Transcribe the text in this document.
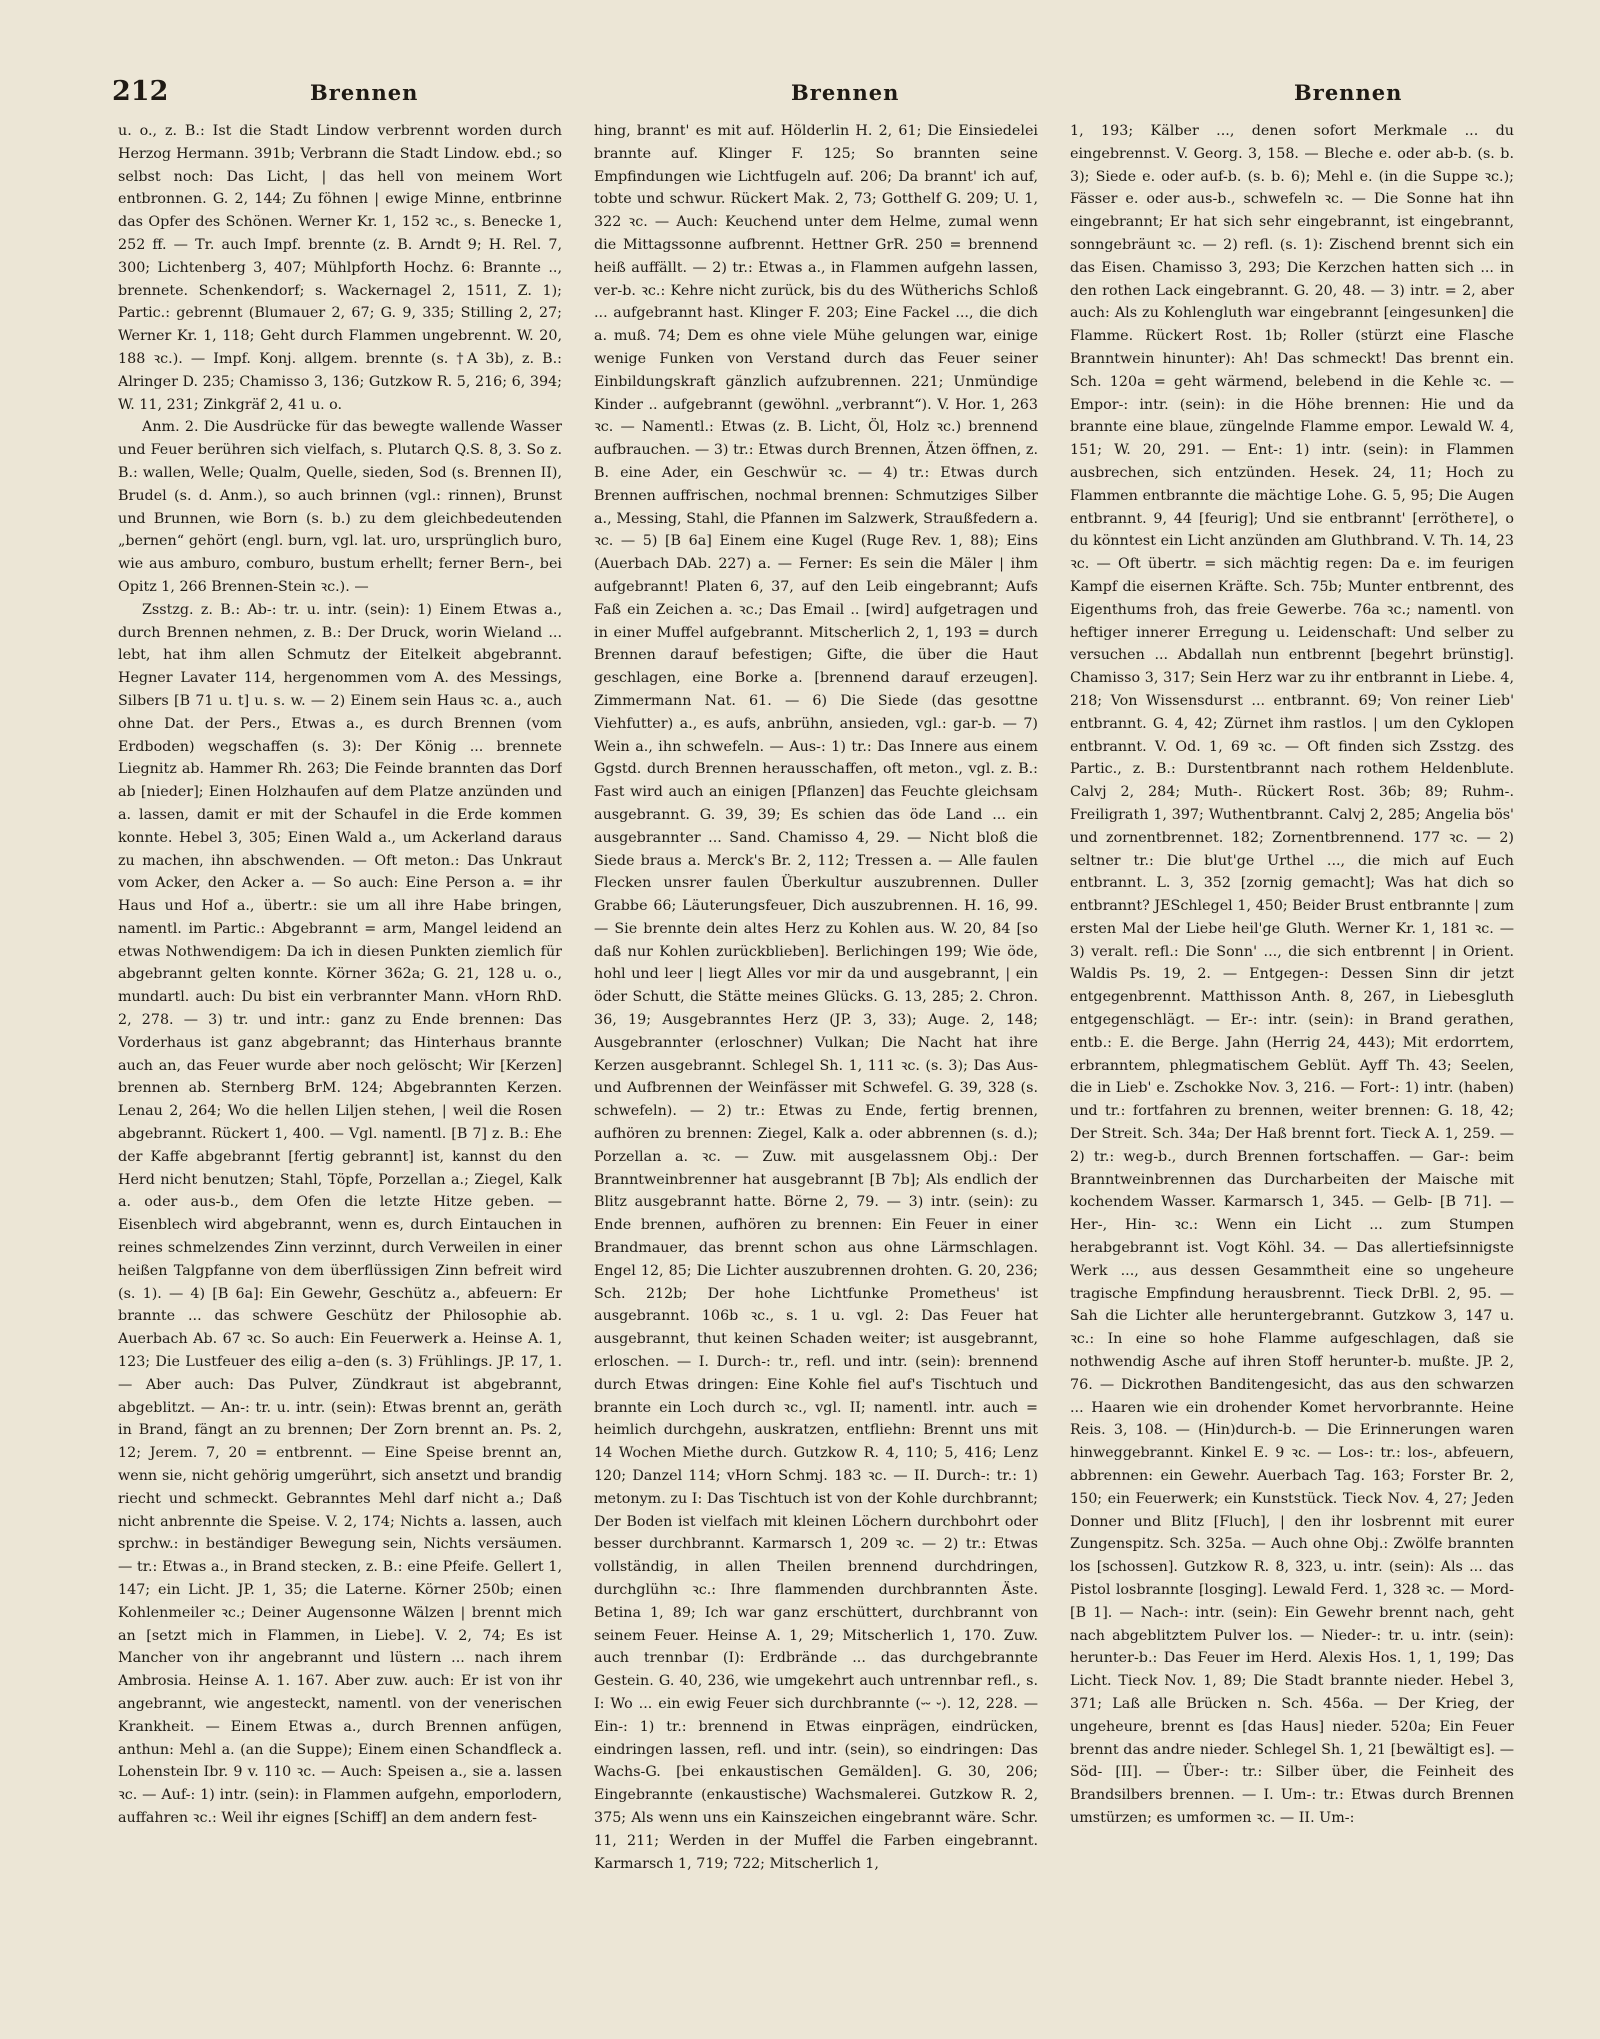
212	Brennen	Brennen	Brennen

u. o., z. B.: Ist die Stadt Lindow verbrennt worden durch Herzog Hermann. 391b; Verbrann die Stadt Lindow. ebd.; so selbst noch: Das Licht, | das hell von meinem Wort entbronnen. G. 2, 144; Zu föhnen | ewige Minne, entbrinne das Opfer des Schönen. Werner Kr. 1, 152 ꝛc., s. Benecke 1, 252 ff. — Tr. auch Impf. brennte (z. B. Arndt 9; H. Rel. 7, 300; Lichtenberg 3, 407; Mühlpforth Hochz. 6: Brannte .., brennete. Schenkendorf; s. Wackernagel 2, 1511, Z. 1); Partic.: gebrennt (Blumauer 2, 67; G. 9, 335; Stilling 2, 27; Werner Kr. 1, 118; Geht durch Flammen ungebrennt. W. 20, 188 ꝛc.). — Impf. Konj. allgem. brennte (s. †A 3b), z. B.: Alringer D. 235; Chamisso 3, 136; Gutzkow R. 5, 216; 6, 394; W. 11, 231; Zinkgräf 2, 41 u. o.

Anm. 2. Die Ausdrücke für das bewegte wallende Wasser und Feuer berühren sich vielfach, s. Plutarch Q.S. 8, 3. So z. B.: wallen, Welle; Qualm, Quelle, sieden, Sod (s. Brennen II), Brudel (s. d. Anm.), so auch brinnen (vgl.: rinnen), Brunst und Brunnen, wie Born (s. b.) zu dem gleichbedeutenden „bernen“ gehört (engl. burn, vgl. lat. uro, ursprünglich buro, wie aus amburo, comburo, bustum erhellt; ferner Bern-, bei Opitz 1, 266 Brennen-Stein ꝛc.). —

Zsstzg. z. B.: Ab-: tr. u. intr. (sein): 1) Einem Etwas a., durch Brennen nehmen, z. B.: Der Druck, worin Wieland ... lebt, hat ihm allen Schmutz der Eitelkeit abgebrannt. Hegner Lavater 114, hergenommen vom A. des Messings, Silbers [B 71 u. t] u. s. w. — 2) Einem sein Haus ꝛc. a., auch ohne Dat. der Pers., Etwas a., es durch Brennen (vom Erdboden) wegschaffen (s. 3): Der König ... brennete Liegnitz ab. Hammer Rh. 263; Die Feinde brannten das Dorf ab [nieder]; Einen Holzhaufen auf dem Platze anzünden und a. lassen, damit er mit der Schaufel in die Erde kommen konnte. Hebel 3, 305; Einen Wald a., um Ackerland daraus zu machen, ihn abschwenden. — Oft meton.: Das Unkraut vom Acker, den Acker a. — So auch: Eine Person a. = ihr Haus und Hof a., übertr.: sie um all ihre Habe bringen, namentl. im Partic.: Abgebrannt = arm, Mangel leidend an etwas Nothwendigem: Da ich in diesen Punkten ziemlich für abgebrannt gelten konnte. Körner 362a; G. 21, 128 u. o., mundartl. auch: Du bist ein verbrannter Mann. vHorn RhD. 2, 278. — 3) tr. und intr.: ganz zu Ende brennen: Das Vorderhaus ist ganz abgebrannt; das Hinterhaus brannte auch an, das Feuer wurde aber noch gelöscht; Wir [Kerzen] brennen ab. Sternberg BrM. 124; Abgebrannten Kerzen. Lenau 2, 264; Wo die hellen Liljen stehen, | weil die Rosen abgebrannt. Rückert 1, 400. — Vgl. namentl. [B 7] z. B.: Ehe der Kaffe abgebrannt [fertig gebrannt] ist, kannst du den Herd nicht benutzen; Stahl, Töpfe, Porzellan a.; Ziegel, Kalk a. oder aus-b., dem Ofen die letzte Hitze geben. — Eisenblech wird abgebrannt, wenn es, durch Eintauchen in reines schmelzendes Zinn verzinnt, durch Verweilen in einer heißen Talgpfanne von dem überflüssigen Zinn befreit wird (s. 1). — 4) [B 6a]: Ein Gewehr, Geschütz a., abfeuern: Er brannte ... das schwere Geschütz der Philosophie ab. Auerbach Ab. 67 ꝛc. So auch: Ein Feuerwerk a. Heinse A. 1, 123; Die Lustfeuer des eilig a–den (s. 3) Frühlings. JP. 17, 1. — Aber auch: Das Pulver, Zündkraut ist abgebrannt, abgeblitzt. — An-: tr. u. intr. (sein): Etwas brennt an, geräth in Brand, fängt an zu brennen; Der Zorn brennt an. Ps. 2, 12; Jerem. 7, 20 = entbrennt. — Eine Speise brennt an, wenn sie, nicht gehörig umgerührt, sich ansetzt und brandig riecht und schmeckt. Gebranntes Mehl darf nicht a.; Daß nicht anbrennte die Speise. V. 2, 174; Nichts a. lassen, auch sprchw.: in beständiger Bewegung sein, Nichts versäumen. — tr.: Etwas a., in Brand stecken, z. B.: eine Pfeife. Gellert 1, 147; ein Licht. JP. 1, 35; die Laterne. Körner 250b; einen Kohlenmeiler ꝛc.; Deiner Augensonne Wälzen | brennt mich an [setzt mich in Flammen, in Liebe]. V. 2, 74; Es ist Mancher von ihr angebrannt und lüstern ... nach ihrem Ambrosia. Heinse A. 1. 167. Aber zuw. auch: Er ist von ihr angebrannt, wie angesteckt, namentl. von der venerischen Krankheit. — Einem Etwas a., durch Brennen anfügen, anthun: Mehl a. (an die Suppe); Einem einen Schandfleck a. Lohenstein Ibr. 9 v. 110 ꝛc. — Auch: Speisen a., sie a. lassen ꝛc. — Auf-: 1) intr. (sein): in Flammen aufgehn, emporlodern, auffahren ꝛc.: Weil ihr eignes [Schiff] an dem andern fest-

hing, brannt' es mit auf. Hölderlin H. 2, 61; Die Einsiedelei brannte auf. Klinger F. 125; So brannten seine Empfindungen wie Lichtfugeln auf. 206; Da brannt' ich auf, tobte und schwur. Rückert Mak. 2, 73; Gotthelf G. 209; U. 1, 322 ꝛc. — Auch: Keuchend unter dem Helme, zumal wenn die Mittagssonne aufbrennt. Hettner GrR. 250 = brennend heiß auffällt. — 2) tr.: Etwas a., in Flammen aufgehn lassen, ver-b. ꝛc.: Kehre nicht zurück, bis du des Wütherichs Schloß ... aufgebrannt hast. Klinger F. 203; Eine Fackel ..., die dich a. muß. 74; Dem es ohne viele Mühe gelungen war, einige wenige Funken von Verstand durch das Feuer seiner Einbildungskraft gänzlich aufzubrennen. 221; Unmündige Kinder .. aufgebrannt (gewöhnl. „verbrannt“). V. Hor. 1, 263 ꝛc. — Namentl.: Etwas (z. B. Licht, Öl, Holz ꝛc.) brennend aufbrauchen. — 3) tr.: Etwas durch Brennen, Ätzen öffnen, z. B. eine Ader, ein Geschwür ꝛc. — 4) tr.: Etwas durch Brennen auffrischen, nochmal brennen: Schmutziges Silber a., Messing, Stahl, die Pfannen im Salzwerk, Straußfedern a. ꝛc. — 5) [B 6a] Einem eine Kugel (Ruge Rev. 1, 88); Eins (Auerbach DAb. 227) a. — Ferner: Es sein die Mäler | ihm aufgebrannt! Platen 6, 37, auf den Leib eingebrannt; Aufs Faß ein Zeichen a. ꝛc.; Das Email .. [wird] aufgetragen und in einer Muffel aufgebrannt. Mitscherlich 2, 1, 193 = durch Brennen darauf befestigen; Gifte, die über die Haut geschlagen, eine Borke a. [brennend darauf erzeugen]. Zimmermann Nat. 61. — 6) Die Siede (das gesottne Viehfutter) a., es aufs, anbrühn, ansieden, vgl.: gar-b. — 7) Wein a., ihn schwefeln. — Aus-: 1) tr.: Das Innere aus einem Ggstd. durch Brennen herausschaffen, oft meton., vgl. z. B.: Fast wird auch an einigen [Pflanzen] das Feuchte gleichsam ausgebrannt. G. 39, 39; Es schien das öde Land ... ein ausgebrannter ... Sand. Chamisso 4, 29. — Nicht bloß die Siede braus a. Merck's Br. 2, 112; Tressen a. — Alle faulen Flecken unsrer faulen Überkultur auszubrennen. Duller Grabbe 66; Läuterungsfeuer, Dich auszubrennen. H. 16, 99. — Sie brennte dein altes Herz zu Kohlen aus. W. 20, 84 [so daß nur Kohlen zurückblieben]. Berlichingen 199; Wie öde, hohl und leer | liegt Alles vor mir da und ausgebrannt, | ein öder Schutt, die Stätte meines Glücks. G. 13, 285; 2. Chron. 36, 19; Ausgebranntes Herz (JP. 3, 33); Auge. 2, 148; Ausgebrannter (erloschner) Vulkan; Die Nacht hat ihre Kerzen ausgebrannt. Schlegel Sh. 1, 111 ꝛc. (s. 3); Das Aus- und Aufbrennen der Weinfässer mit Schwefel. G. 39, 328 (s. schwefeln). — 2) tr.: Etwas zu Ende, fertig brennen, aufhören zu brennen: Ziegel, Kalk a. oder abbrennen (s. d.); Porzellan a. ꝛc. — Zuw. mit ausgelassnem Obj.: Der Branntweinbrenner hat ausgebrannt [B 7b]; Als endlich der Blitz ausgebrannt hatte. Börne 2, 79. — 3) intr. (sein): zu Ende brennen, aufhören zu brennen: Ein Feuer in einer Brandmauer, das brennt schon aus ohne Lärmschlagen. Engel 12, 85; Die Lichter auszubrennen drohten. G. 20, 236; Sch. 212b; Der hohe Lichtfunke Prometheus' ist ausgebrannt. 106b ꝛc., s. 1 u. vgl. 2: Das Feuer hat ausgebrannt, thut keinen Schaden weiter; ist ausgebrannt, erloschen. — I. Durch-: tr., refl. und intr. (sein): brennend durch Etwas dringen: Eine Kohle fiel auf's Tischtuch und brannte ein Loch durch ꝛc., vgl. II; namentl. intr. auch = heimlich durchgehn, auskratzen, entfliehn: Brennt uns mit 14 Wochen Miethe durch. Gutzkow R. 4, 110; 5, 416; Lenz 120; Danzel 114; vHorn Schmj. 183 ꝛc. — II. Durch-: tr.: 1) metonym. zu I: Das Tischtuch ist von der Kohle durchbrannt; Der Boden ist vielfach mit kleinen Löchern durchbohrt oder besser durchbrannt. Karmarsch 1, 209 ꝛc. — 2) tr.: Etwas vollständig, in allen Theilen brennend durchdringen, durchglühn ꝛc.: Ihre flammenden durchbrannten Äste. Betina 1, 89; Ich war ganz erschüttert, durchbrannt von seinem Feuer. Heinse A. 1, 29; Mitscherlich 1, 170. Zuw. auch trennbar (I): Erdbrände ... das durchgebrannte Gestein. G. 40, 236, wie umgekehrt auch untrennbar refl., s. I: Wo ... ein ewig Feuer sich durchbrannte (⏑⏑ ⏑). 12, 228. — Ein-: 1) tr.: brennend in Etwas einprägen, eindrücken, eindringen lassen, refl. und intr. (sein), so eindringen: Das Wachs-G. [bei enkaustischen Gemälden]. G. 30, 206; Eingebrannte (enkaustische) Wachsmalerei. Gutzkow R. 2, 375; Als wenn uns ein Kainszeichen eingebrannt wäre. Schr. 11, 211; Werden in der Muffel die Farben eingebrannt. Karmarsch 1, 719; 722; Mitscherlich 1,

1, 193; Kälber ..., denen sofort Merkmale ... du eingebrennst. V. Georg. 3, 158. — Bleche e. oder ab-b. (s. b. 3); Siede e. oder auf-b. (s. b. 6); Mehl e. (in die Suppe ꝛc.); Fässer e. oder aus-b., schwefeln ꝛc. — Die Sonne hat ihn eingebrannt; Er hat sich sehr eingebrannt, ist eingebrannt, sonngebräunt ꝛc. — 2) refl. (s. 1): Zischend brennt sich ein das Eisen. Chamisso 3, 293; Die Kerzchen hatten sich ... in den rothen Lack eingebrannt. G. 20, 48. — 3) intr. = 2, aber auch: Als zu Kohlengluth war eingebrannt [eingesunken] die Flamme. Rückert Rost. 1b; Roller (stürzt eine Flasche Branntwein hinunter): Ah! Das schmeckt! Das brennt ein. Sch. 120a = geht wärmend, belebend in die Kehle ꝛc. — Empor-: intr. (sein): in die Höhe brennen: Hie und da brannte eine blaue, züngelnde Flamme empor. Lewald W. 4, 151; W. 20, 291. — Ent-: 1) intr. (sein): in Flammen ausbrechen, sich entzünden. Hesek. 24, 11; Hoch zu Flammen entbrannte die mächtige Lohe. G. 5, 95; Die Augen entbrannt. 9, 44 [feurig]; Und sie entbrannt' [errötheте], o du könntest ein Licht anzünden am Gluthbrand. V. Th. 14, 23 ꝛc. — Oft übertr. = sich mächtig regen: Da e. im feurigen Kampf die eisernen Kräfte. Sch. 75b; Munter entbrennt, des Eigenthums froh, das freie Gewerbe. 76a ꝛc.; namentl. von heftiger innerer Erregung u. Leidenschaft: Und selber zu versuchen ... Abdallah nun entbrennt [begehrt brünstig]. Chamisso 3, 317; Sein Herz war zu ihr entbrannt in Liebe. 4, 218; Von Wissensdurst ... entbrannt. 69; Von reiner Lieb' entbrannt. G. 4, 42; Zürnet ihm rastlos. | um den Cyklopen entbrannt. V. Od. 1, 69 ꝛc. — Oft finden sich Zsstzg. des Partic., z. B.: Durstentbrannt nach rothem Heldenblute. Calvj 2, 284; Muth-. Rückert Rost. 36b; 89; Ruhm-. Freiligrath 1, 397; Wuthentbrannt. Calvj 2, 285; Angelia bös' und zornentbrennet. 182; Zornentbrennend. 177 ꝛc. — 2) seltner tr.: Die blut'ge Urthel ..., die mich auf Euch entbrannt. L. 3, 352 [zornig gemacht]; Was hat dich so entbrannt? JESchlegel 1, 450; Beider Brust entbrannte | zum ersten Mal der Liebe heil'ge Gluth. Werner Kr. 1, 181 ꝛc. — 3) veralt. refl.: Die Sonn' ..., die sich entbrennt | in Orient. Waldis Ps. 19, 2. — Entgegen-: Dessen Sinn dir jetzt entgegenbrennt. Matthisson Anth. 8, 267, in Liebesgluth entgegenschlägt. — Er-: intr. (sein): in Brand gerathen, entb.: E. die Berge. Jahn (Herrig 24, 443); Mit erdorrtem, erbranntem, phlegmatischem Geblüt. Ayff Th. 43; Seelen, die in Lieb' e. Zschokke Nov. 3, 216. — Fort-: 1) intr. (haben) und tr.: fortfahren zu brennen, weiter brennen: G. 18, 42; Der Streit. Sch. 34a; Der Haß brennt fort. Tieck A. 1, 259. — 2) tr.: weg-b., durch Brennen fortschaffen. — Gar-: beim Branntweinbrennen das Durcharbeiten der Maische mit kochendem Wasser. Karmarsch 1, 345. — Gelb- [B 71]. — Her-, Hin- ꝛc.: Wenn ein Licht ... zum Stumpen herabgebrannt ist. Vogt Köhl. 34. — Das allertiefsinnigste Werk ..., aus dessen Gesammtheit eine so ungeheure tragische Empfindung herausbrennt. Tieck DrBl. 2, 95. — Sah die Lichter alle heruntergebrannt. Gutzkow 3, 147 u. ꝛc.: In eine so hohe Flamme aufgeschlagen, daß sie nothwendig Asche auf ihren Stoff herunter-b. mußte. JP. 2, 76. — Dickrothen Banditengesicht, das aus den schwarzen ... Haaren wie ein drohender Komet hervorbrannte. Heine Reis. 3, 108. — (Hin)durch-b. — Die Erinnerungen waren hinweggebrannt. Kinkel E. 9 ꝛc. — Los-: tr.: los-, abfeuern, abbrennen: ein Gewehr. Auerbach Tag. 163; Forster Br. 2, 150; ein Feuerwerk; ein Kunststück. Tieck Nov. 4, 27; Jeden Donner und Blitz [Fluch], | den ihr losbrennt mit eurer Zungenspitz. Sch. 325a. — Auch ohne Obj.: Zwölfe brannten los [schossen]. Gutzkow R. 8, 323, u. intr. (sein): Als ... das Pistol losbrannte [losging]. Lewald Ferd. 1, 328 ꝛc. — Mord-[B 1]. — Nach-: intr. (sein): Ein Gewehr brennt nach, geht nach abgeblitztem Pulver los. — Nieder-: tr. u. intr. (sein): herunter-b.: Das Feuer im Herd. Alexis Hos. 1, 1, 199; Das Licht. Tieck Nov. 1, 89; Die Stadt brannte nieder. Hebel 3, 371; Laß alle Brücken n. Sch. 456a. — Der Krieg, der ungeheure, brennt es [das Haus] nieder. 520a; Ein Feuer brennt das andre nieder. Schlegel Sh. 1, 21 [bewältigt es]. — Söd- [II]. — Über-: tr.: Silber über, die Feinheit des Brandsilbers brennen. — I. Um-: tr.: Etwas durch Brennen umstürzen; es umformen ꝛc. — II. Um-:
